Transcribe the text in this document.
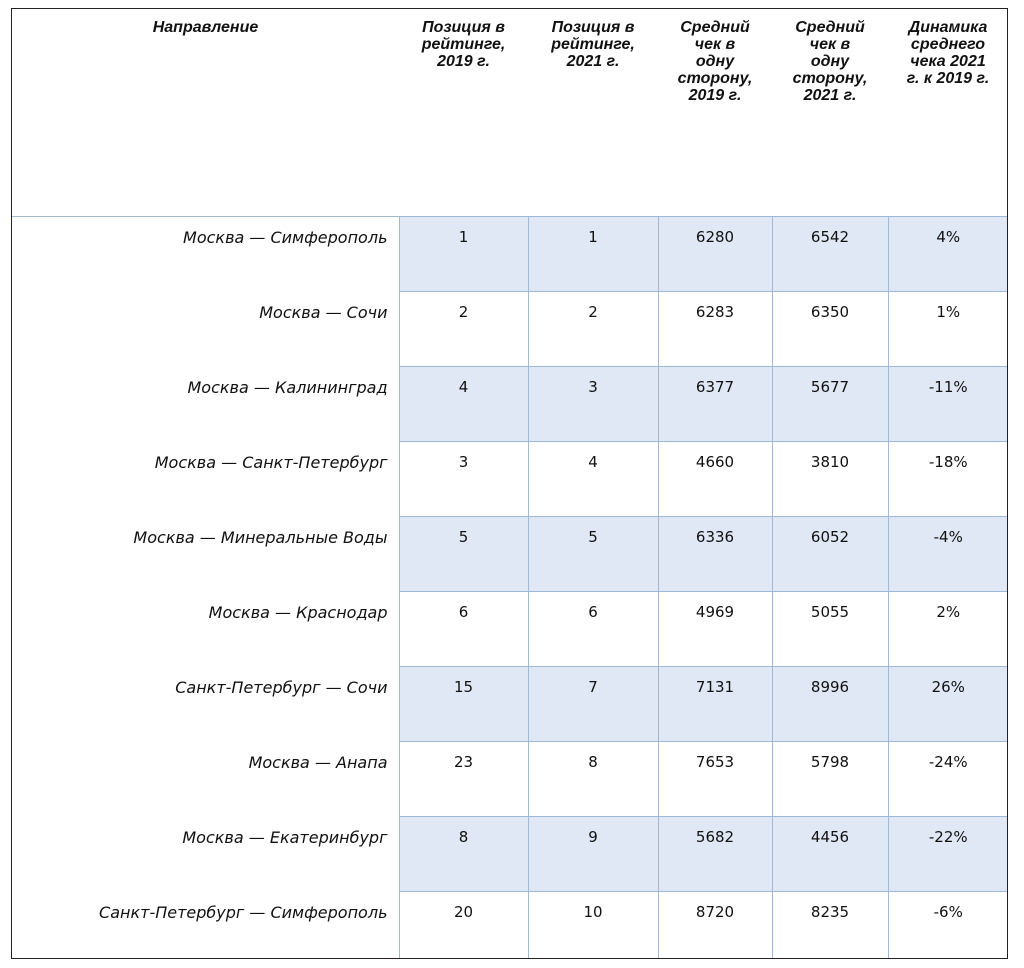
Направление	Позиция в
рейтинге,
2019 г.	Позиция в
рейтинге,
2021 г.	Средний
чек в
одну
сторону,
2019 г.	Средний
чек в
одну
сторону,
2021 г.	Динамика
среднего
чека 2021
г. к 2019 г.
Москва — Симферополь	1	1	6280	6542	4%
Москва — Сочи	2	2	6283	6350	1%
Москва — Калининград	4	3	6377	5677	-11%
Москва — Санкт-Петербург	3	4	4660	3810	-18%
Москва — Минеральные Воды	5	5	6336	6052	-4%
Москва — Краснодар	6	6	4969	5055	2%
Санкт-Петербург — Сочи	15	7	7131	8996	26%
Москва — Анапа	23	8	7653	5798	-24%
Москва — Екатеринбург	8	9	5682	4456	-22%
Санкт-Петербург — Симферополь	20	10	8720	8235	-6%
